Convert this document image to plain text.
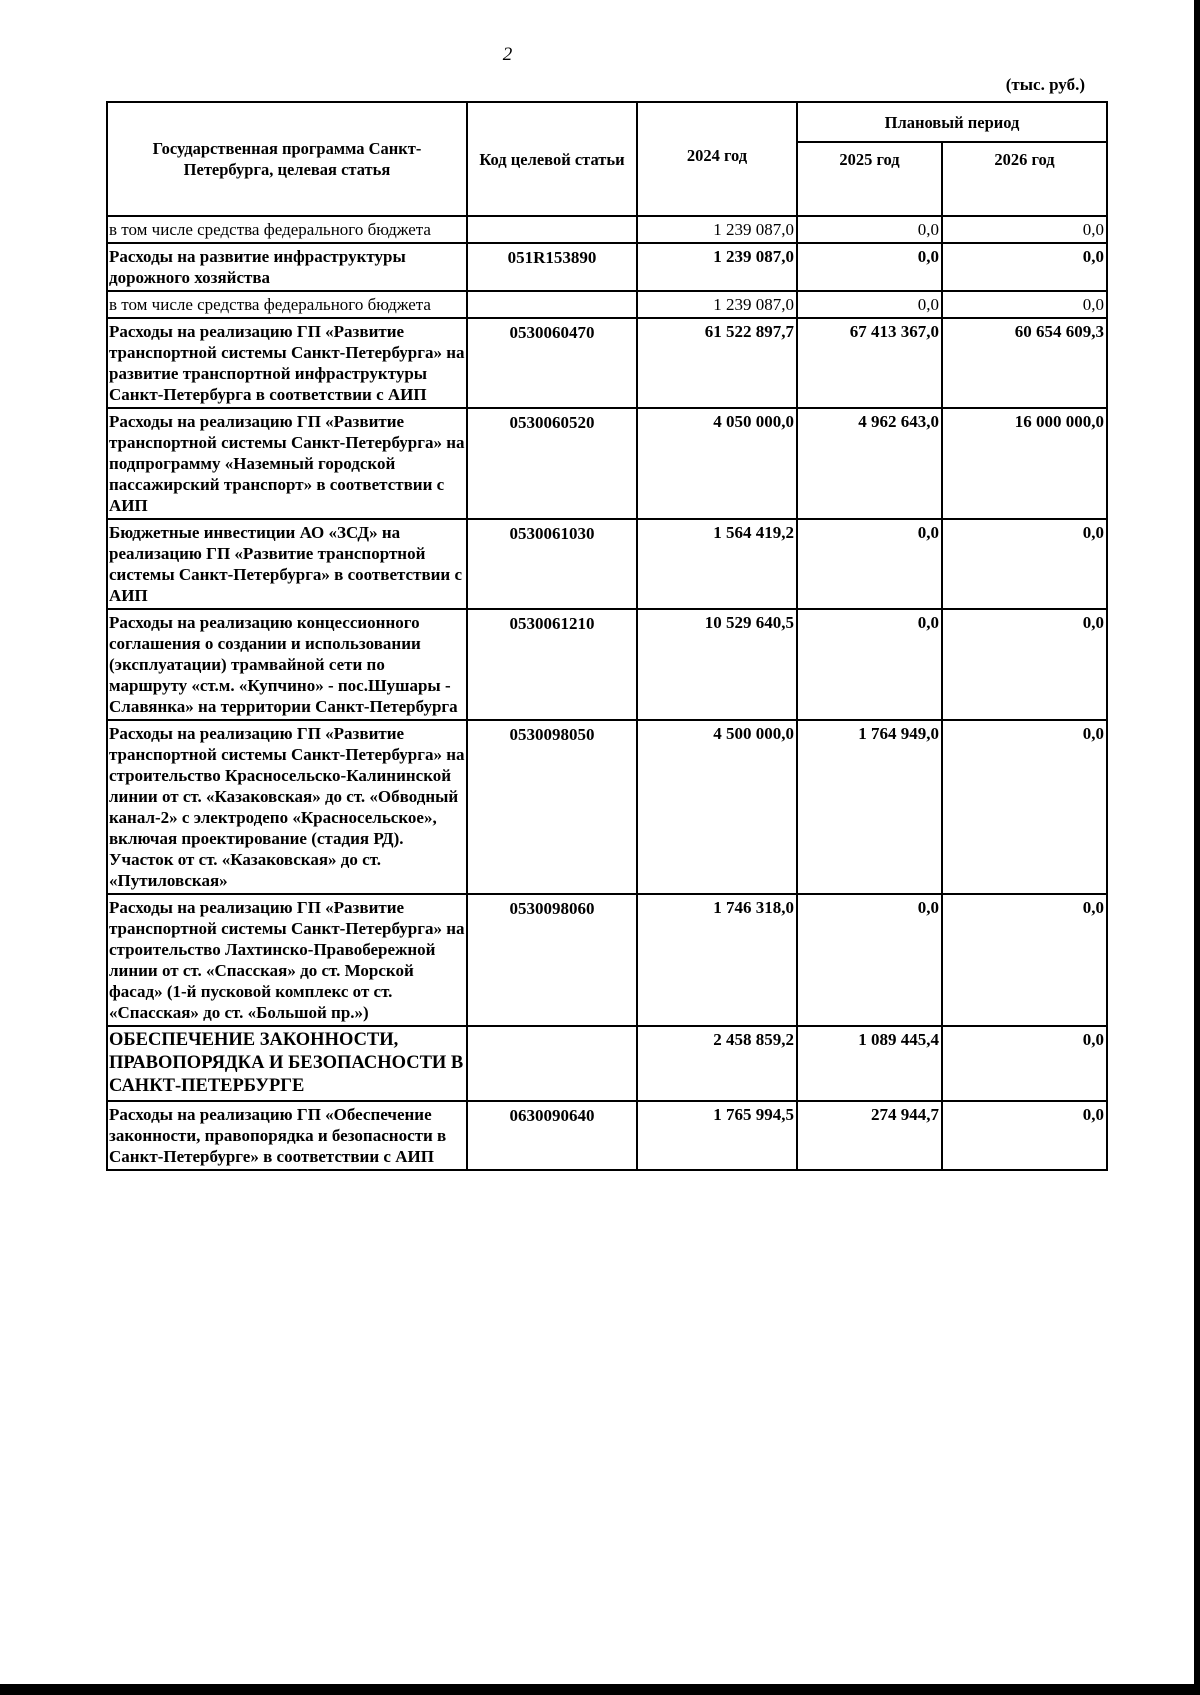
2
(тыс. руб.)
Государственная программа Санкт-Петербурга, целевая статья	Код целевой статьи	2024 год	Плановый период	
			2025 год	2026 год
в том числе средства федерального бюджета		1 239 087,0	0,0	0,0
Расходы на развитие инфраструктуры дорожного хозяйства	051R153890	1 239 087,0	0,0	0,0
в том числе средства федерального бюджета		1 239 087,0	0,0	0,0
Расходы на реализацию ГП «Развитие транспортной системы Санкт-Петербурга» на развитие транспортной инфраструктуры Санкт-Петербурга в соответствии с АИП	0530060470	61 522 897,7	67 413 367,0	60 654 609,3
Расходы на реализацию ГП «Развитие транспортной системы Санкт-Петербурга» на подпрограмму «Наземный городской пассажирский транспорт» в соответствии с АИП	0530060520	4 050 000,0	4 962 643,0	16 000 000,0
Бюджетные инвестиции АО «ЗСД» на реализацию ГП «Развитие транспортной системы Санкт-Петербурга» в соответствии с АИП	0530061030	1 564 419,2	0,0	0,0
Расходы на реализацию концессионного соглашения о создании и использовании (эксплуатации) трамвайной сети по маршруту «ст.м. «Купчино» - пос.Шушары - Славянка» на территории Санкт-Петербурга	0530061210	10 529 640,5	0,0	0,0
Расходы на реализацию ГП «Развитие транспортной системы Санкт-Петербурга» на строительство Красносельско-Калининской линии от ст. «Казаковская» до ст. «Обводный канал-2» с электродепо «Красносельское», включая проектирование (стадия РД). Участок от ст. «Казаковская» до ст. «Путиловская»	0530098050	4 500 000,0	1 764 949,0	0,0
Расходы на реализацию ГП «Развитие транспортной системы Санкт-Петербурга» на строительство Лахтинско-Правобережной линии от ст. «Спасская» до ст. Морской фасад» (1-й пусковой комплекс от ст. «Спасская» до ст. «Большой пр.»)	0530098060	1 746 318,0	0,0	0,0
ОБЕСПЕЧЕНИЕ ЗАКОННОСТИ, ПРАВОПОРЯДКА И БЕЗОПАСНОСТИ В САНКТ-ПЕТЕРБУРГЕ		2 458 859,2	1 089 445,4	0,0
Расходы на реализацию ГП «Обеспечение законности, правопорядка и безопасности в Санкт-Петербурге» в соответствии с АИП	0630090640	1 765 994,5	274 944,7	0,0
